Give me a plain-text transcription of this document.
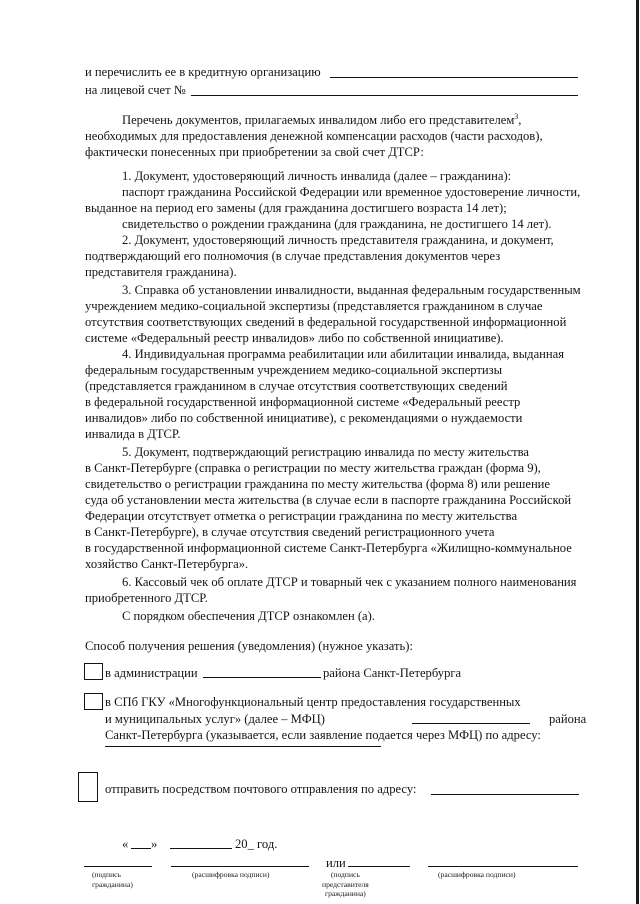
и перечислить ее в кредитную организацию
на лицевой счет №
Перечень документов, прилагаемых инвалидом либо его представителем$^3$,
необходимых для предоставления денежной компенсации расходов (части расходов),
фактически понесенных при приобретении за свой счет ДТСР:
1. Документ, удостоверяющий личность инвалида (далее – гражданина):
паспорт гражданина Российской Федерации или временное удостоверение личности,
выданное на период его замены (для гражданина достигшего возраста 14 лет);
свидетельство о рождении гражданина (для гражданина, не достигшего 14 лет).
2. Документ, удостоверяющий личность представителя гражданина, и документ,
подтверждающий его полномочия (в случае представления документов через
представителя гражданина).
3. Справка об установлении инвалидности, выданная федеральным государственным
учреждением медико-социальной экспертизы (представляется гражданином в случае
отсутствия соответствующих сведений в федеральной государственной информационной
системе «Федеральный реестр инвалидов» либо по собственной инициативе).
4. Индивидуальная программа реабилитации или абилитации инвалида, выданная
федеральным государственным учреждением медико-социальной экспертизы
(представляется гражданином в случае отсутствия соответствующих сведений
в федеральной государственной информационной системе «Федеральный реестр
инвалидов» либо по собственной инициативе), с рекомендациями о нуждаемости
инвалида в ДТСР.
5. Документ, подтверждающий регистрацию инвалида по месту жительства
в Санкт-Петербурге (справка о регистрации по месту жительства граждан (форма 9),
свидетельство о регистрации гражданина по месту жительства (форма 8) или решение
суда об установлении места жительства (в случае если в паспорте гражданина Российской
Федерации отсутствует отметка о регистрации гражданина по месту жительства
в Санкт-Петербурге), в случае отсутствия сведений регистрационного учета
в государственной информационной системе Санкт-Петербурга «Жилищно-коммунальное
хозяйство Санкт-Петербурга».
6. Кассовый чек об оплате ДТСР и товарный чек с указанием полного наименования
приобретенного ДТСР.
С порядком обеспечения ДТСР ознакомлен (а).
Способ получения решения (уведомления) (нужное указать):
в администрации	района Санкт-Петербурга
в СПб ГКУ «Многофункциональный центр предоставления государственных
и муниципальных услуг» (далее – МФЦ)	района
Санкт-Петербурга (указывается, если заявление подается через МФЦ) по адресу:
отправить посредством почтового отправления по адресу:
« »	20_ год.
или
(подпись
гражданина)
(расшифровка подписи)	(подпись
представителя
гражданина)
(расшифровка подписи)
